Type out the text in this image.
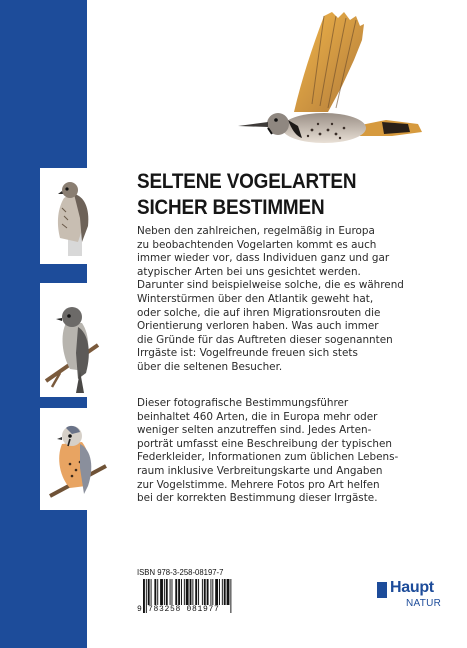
SELTENE VOGELARTEN
SICHER BESTIMMEN
Neben den zahlreichen, regelmäßig in Europa
zu beobachtenden Vogelarten kommt es auch
immer wieder vor, dass Individuen ganz und gar
atypischer Arten bei uns gesichtet werden.
Darunter sind beispielweise solche, die es während
Winterstürmen über den Atlantik geweht hat,
oder solche, die auf ihren Migrationsrouten die
Orientierung verloren haben. Was auch immer
die Gründe für das Auftreten dieser sogenannten
Irrgäste ist: Vogelfreunde freuen sich stets
über die seltenen Besucher.
Dieser fotografische Bestimmungsführer
beinhaltet 460 Arten, die in Europa mehr oder
weniger selten anzutreffen sind. Jedes Arten-
porträt umfasst eine Beschreibung der typischen
Federkleider, Informationen zum üblichen Lebens-
raum inklusive Verbreitungskarte und Angaben
zur Vogelstimme. Mehrere Fotos pro Art helfen
bei der korrekten Bestimmung dieser Irrgäste.
ISBN 978-3-258-08197-7
9 783258 081977
Haupt
NATUR
